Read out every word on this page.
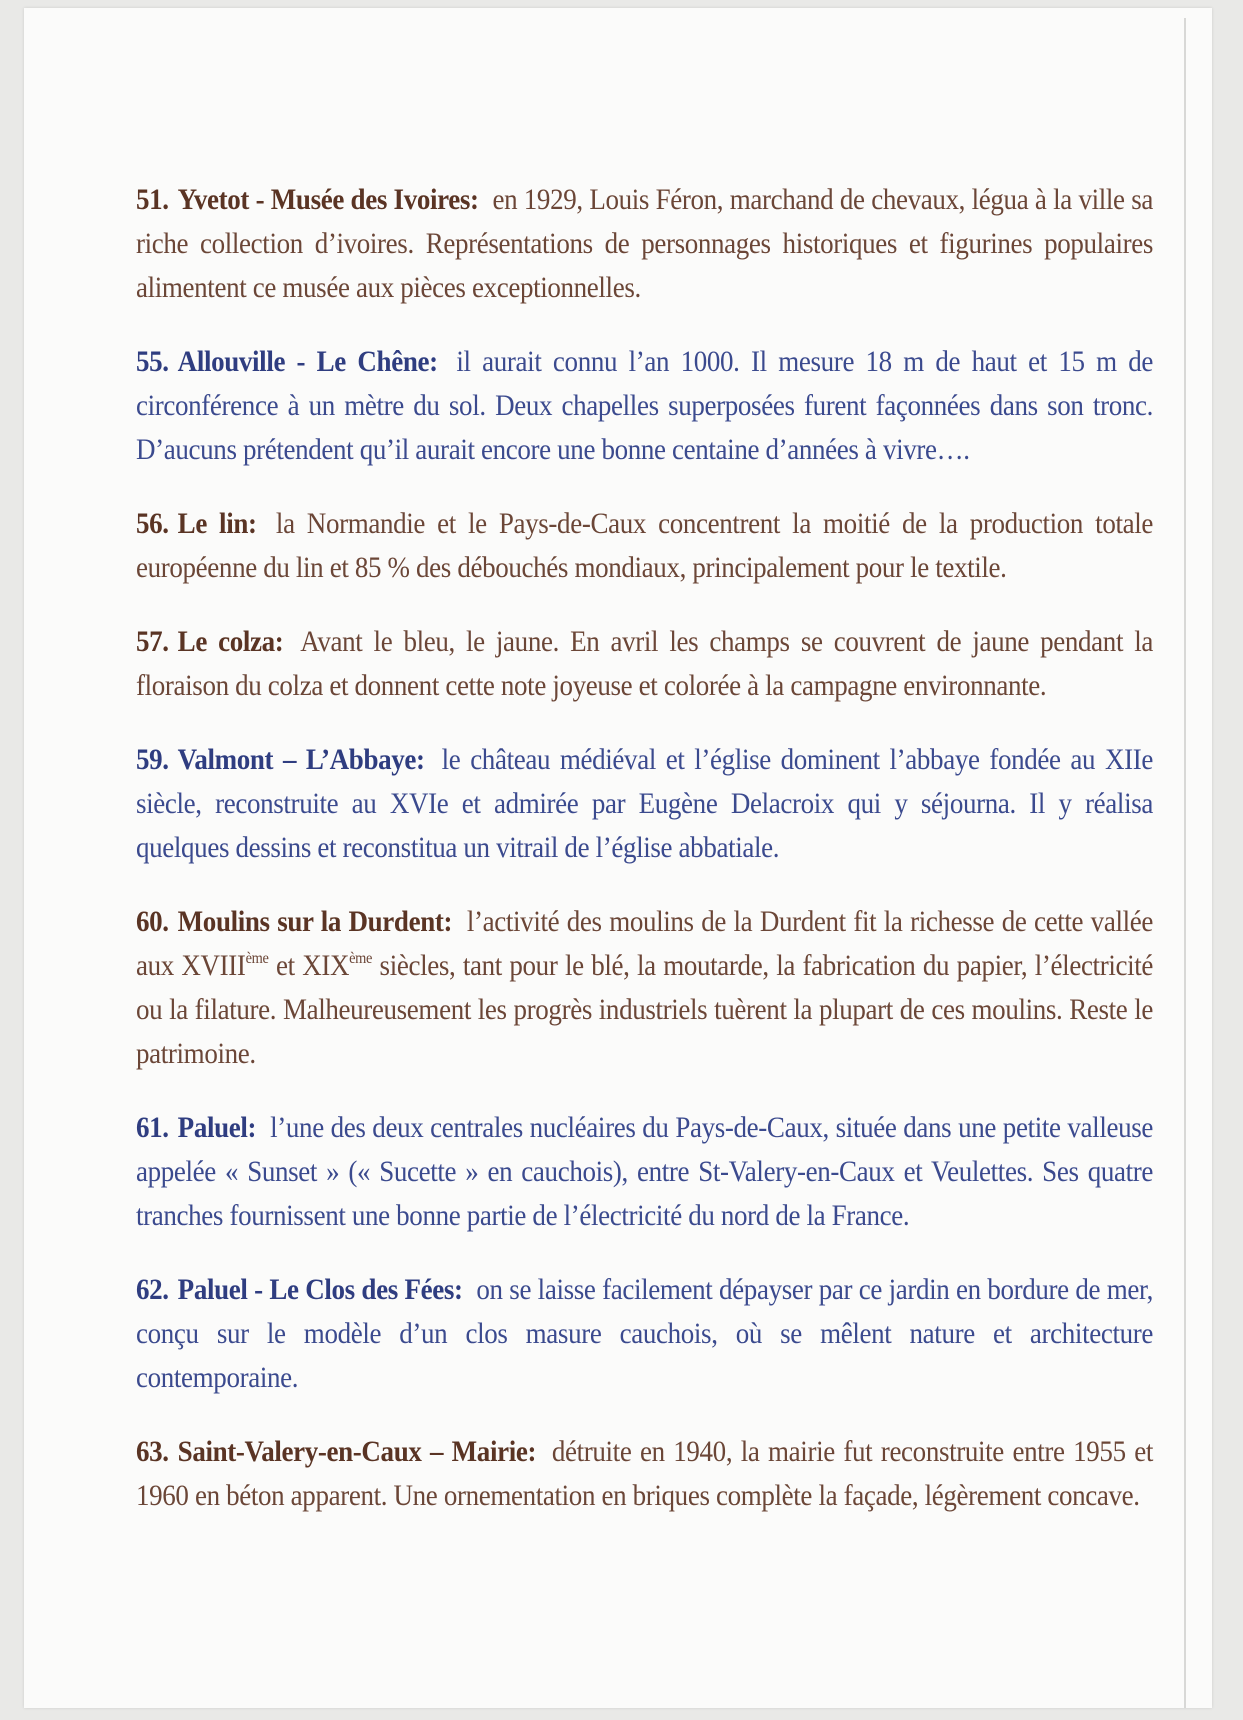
51. Yvetot - Musée des Ivoires: en 1929, Louis Féron, marchand de chevaux, légua à la ville sa riche collection d’ivoires. Représentations de personnages historiques et figurines populaires alimentent ce musée aux pièces exceptionnelles.

55. Allouville - Le Chêne: il aurait connu l’an 1000. Il mesure 18 m de haut et 15 m de circonférence à un mètre du sol. Deux chapelles superposées furent façonnées dans son tronc. D’aucuns prétendent qu’il aurait encore une bonne centaine d’années à vivre….

56. Le lin: la Normandie et le Pays-de-Caux concentrent la moitié de la production totale européenne du lin et 85 % des débouchés mondiaux, principalement pour le textile.

57. Le colza: Avant le bleu, le jaune. En avril les champs se couvrent de jaune pendant la floraison du colza et donnent cette note joyeuse et colorée à la campagne environnante.

59. Valmont – L’Abbaye: le château médiéval et l’église dominent l’abbaye fondée au XIIe siècle, reconstruite au XVIe et admirée par Eugène Delacroix qui y séjourna. Il y réalisa quelques dessins et reconstitua un vitrail de l’église abbatiale.

60. Moulins sur la Durdent: l’activité des moulins de la Durdent fit la richesse de cette vallée aux XVIIIème et XIXème siècles, tant pour le blé, la moutarde, la fabrication du papier, l’électricité ou la filature. Malheureusement les progrès industriels tuèrent la plupart de ces moulins. Reste le patrimoine.

61. Paluel: l’une des deux centrales nucléaires du Pays-de-Caux, située dans une petite valleuse appelée « Sunset » (« Sucette » en cauchois), entre St-Valery-en-Caux et Veulettes. Ses quatre tranches fournissent une bonne partie de l’électricité du nord de la France.

62. Paluel - Le Clos des Fées: on se laisse facilement dépayser par ce jardin en bordure de mer, conçu sur le modèle d’un clos masure cauchois, où se mêlent nature et architecture contemporaine.

63. Saint-Valery-en-Caux – Mairie: détruite en 1940, la mairie fut reconstruite entre 1955 et 1960 en béton apparent. Une ornementation en briques complète la façade, légèrement concave.
